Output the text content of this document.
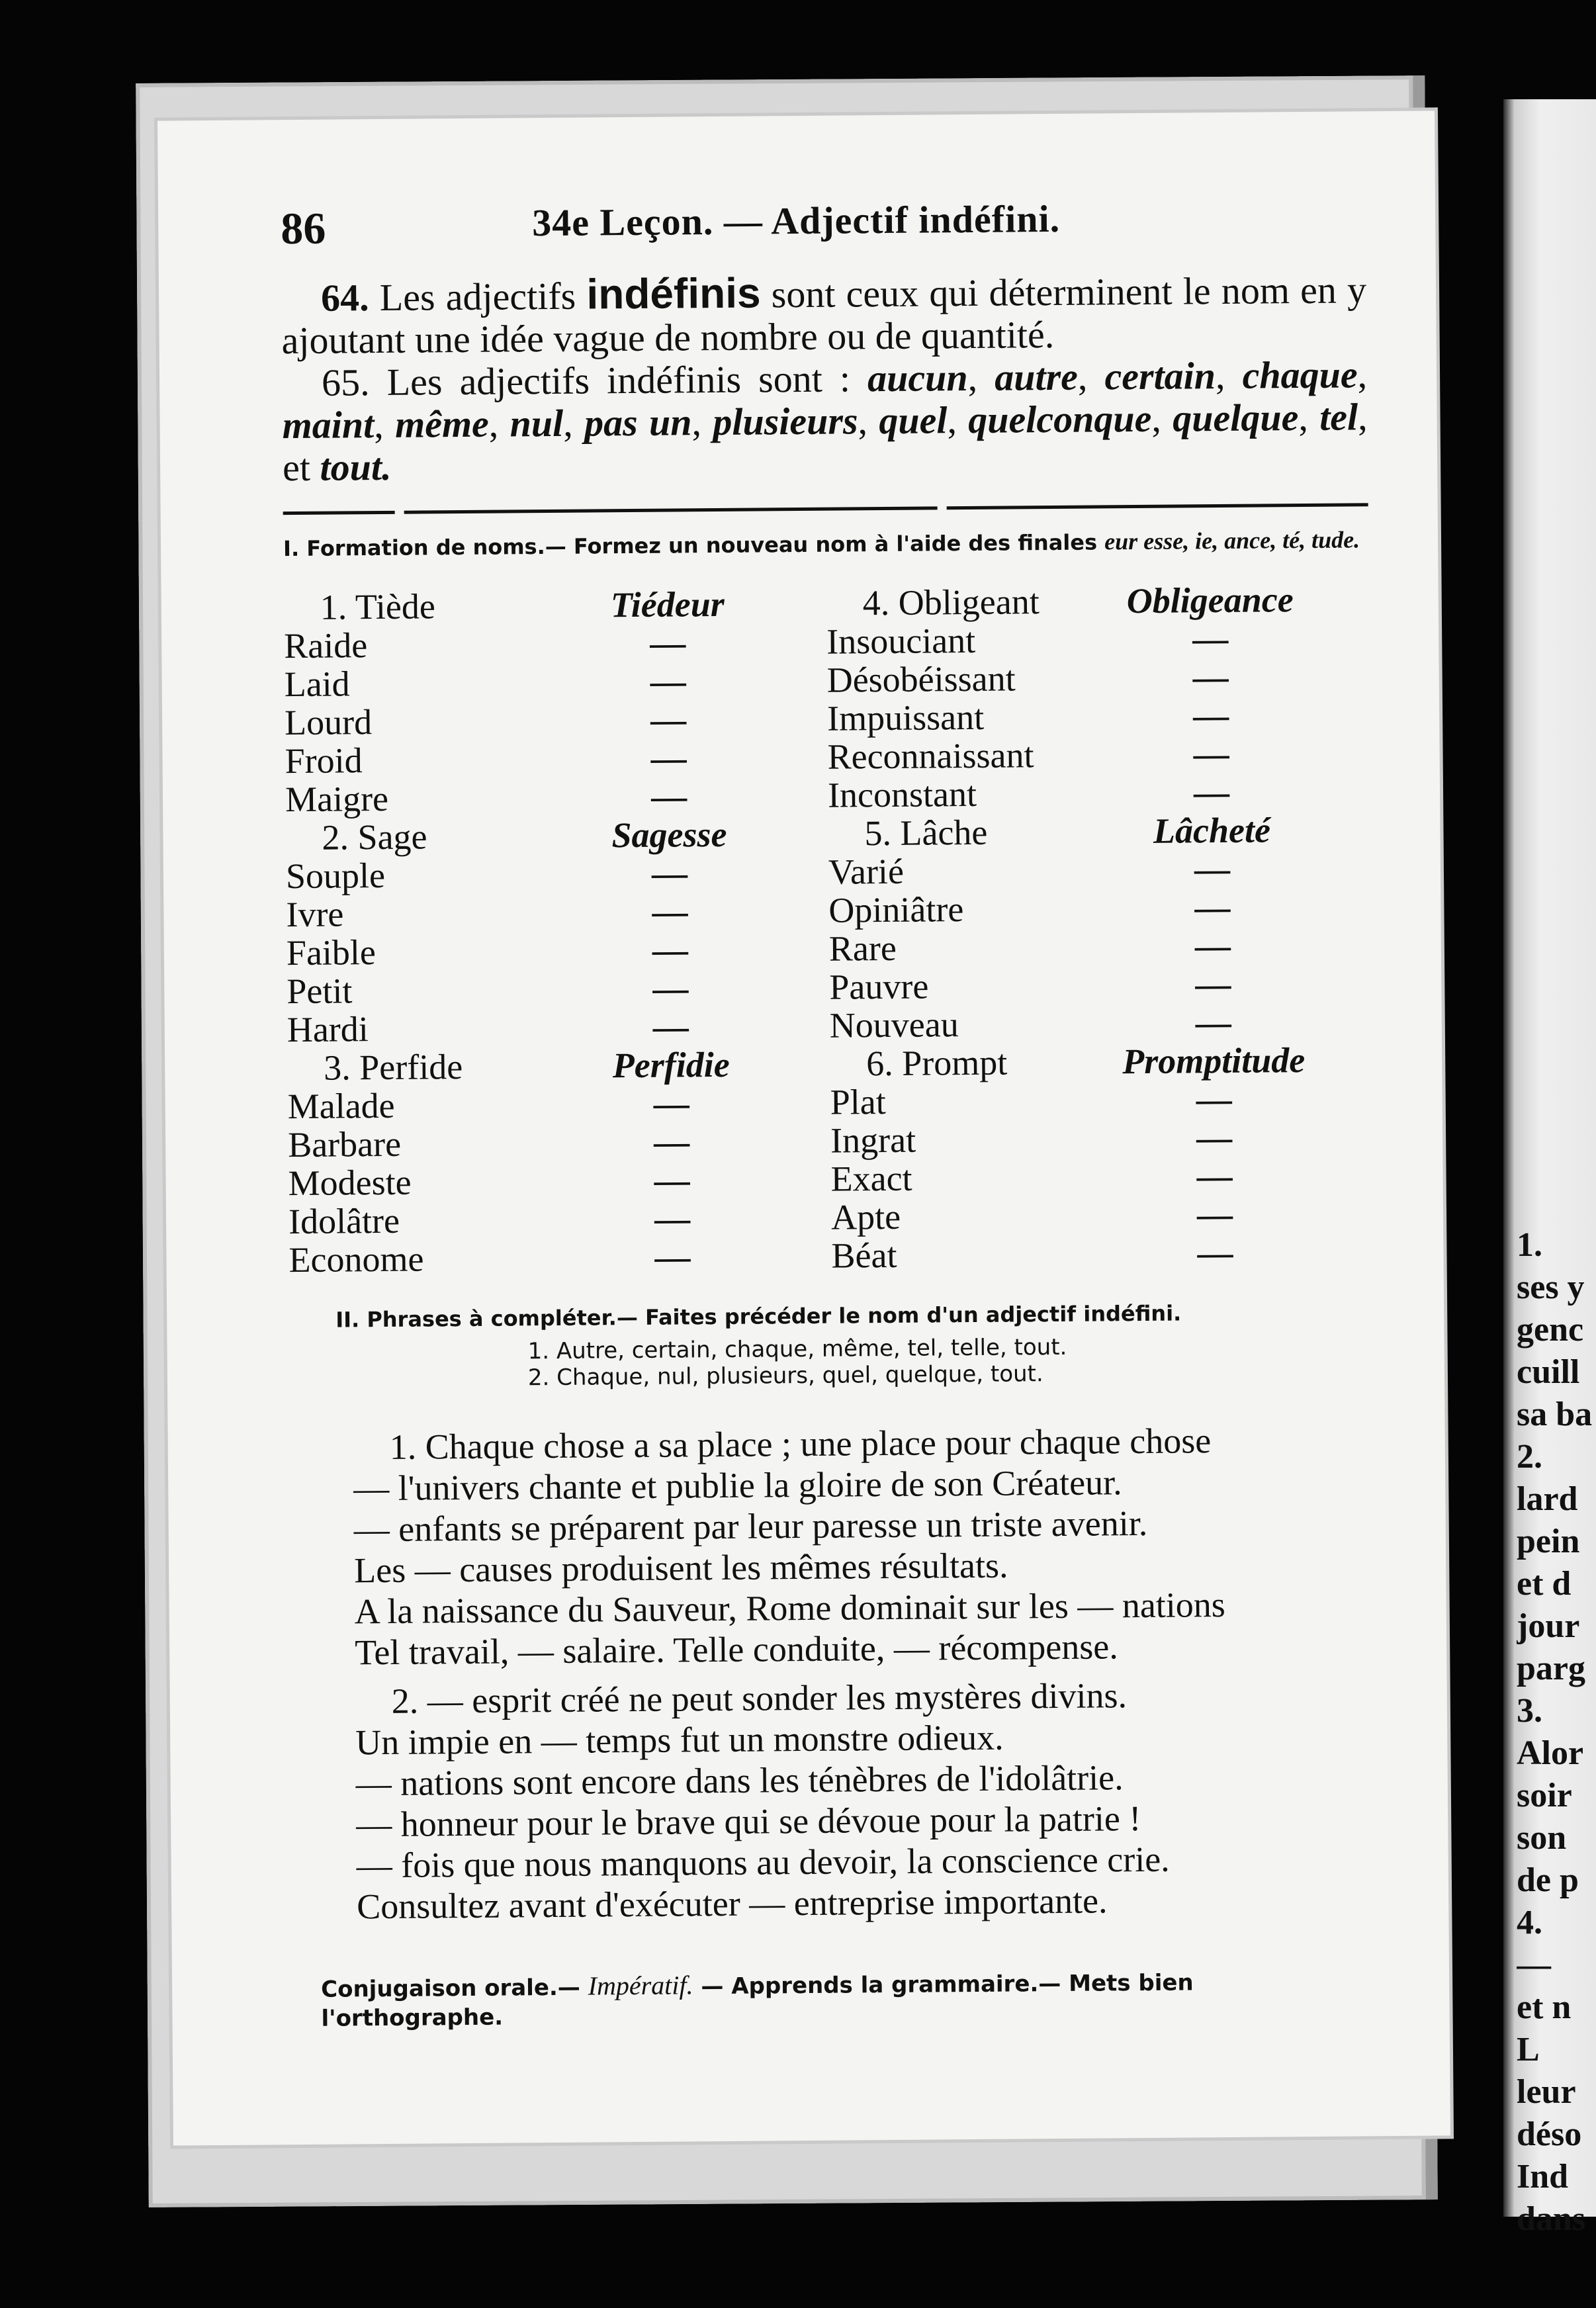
1.
ses y
genc
cuill
sa ba
2.
lard
pein
et d
jour
parg
3.
Alor
soir
son
de p
4.
—
et n
L
leur
déso
Ind
dans
86	34e Leçon. — Adjectif indéfini.

64. Les adjectifs indéfinis sont ceux qui déterminent le nom en y ajoutant une idée vague de nombre ou de quantité.

65. Les adjectifs indéfinis sont : aucun, autre, certain, chaque, maint, même, nul, pas un, plusieurs, quel, quelconque, quelque, tel, et tout.

I. Formation de noms.— Formez un nouveau nom à l'aide des finales eur esse, ie, ance, té, tude.
1. Tiède	Tiédeur
Raide	—
Laid	—
Lourd	—
Froid	—
Maigre	—
2. Sage	Sagesse
Souple	—
Ivre	—
Faible	—
Petit	—
Hardi	—
3. Perfide	Perfidie
Malade	—
Barbare	—
Modeste	—
Idolâtre	—
Econome	—
4. Obligeant	Obligeance
Insouciant	—
Désobéissant	—
Impuissant	—
Reconnaissant	—
Inconstant	—
5. Lâche	Lâcheté
Varié	—
Opiniâtre	—
Rare	—
Pauvre	—
Nouveau	—
6. Prompt	Promptitude
Plat	—
Ingrat	—
Exact	—
Apte	—
Béat	—
II. Phrases à compléter.— Faites précéder le nom d'un adjectif indéfini.
1. Autre, certain, chaque, même, tel, telle, tout.
2. Chaque, nul, plusieurs, quel, quelque, tout.
1. Chaque chose a sa place ; une place pour chaque chose
— l'univers chante et publie la gloire de son Créateur.
— enfants se préparent par leur paresse un triste avenir.
Les — causes produisent les mêmes résultats.
A la naissance du Sauveur, Rome dominait sur les — nations
Tel travail, — salaire. Telle conduite, — récompense.
2. — esprit créé ne peut sonder les mystères divins.
Un impie en — temps fut un monstre odieux.
— nations sont encore dans les ténèbres de l'idolâtrie.
— honneur pour le brave qui se dévoue pour la patrie !
— fois que nous manquons au devoir, la conscience crie.
Consultez avant d'exécuter — entreprise importante.
Conjugaison orale.— Impératif. — Apprends la grammaire.— Mets bien l'orthographe.
